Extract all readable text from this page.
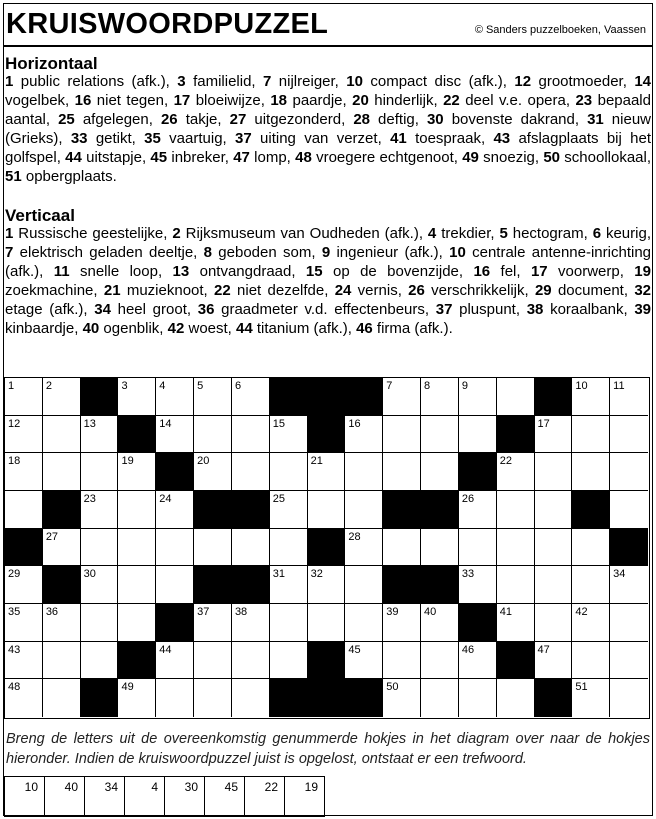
KRUISWOORDPUZZEL	© Sanders puzzelboeken, Vaassen
Horizontaal
1 public relations (afk.), 3 familielid, 7 nijlreiger, 10 compact disc (afk.), 12 grootmoeder, 14 vogelbek, 16 niet tegen, 17 bloeiwijze, 18 paardje, 20 hinderlijk, 22 deel v.e. opera, 23 bepaald aantal, 25 afgelegen, 26 takje, 27 uitgezonderd, 28 deftig, 30 bovenste dakrand, 31 nieuw (Grieks), 33 getikt, 35 vaartuig, 37 uiting van verzet, 41 toespraak, 43 afslagplaats bij het golfspel, 44 uitstapje, 45 inbreker, 47 lomp, 48 vroegere echtgenoot, 49 snoezig, 50 schoollokaal, 51 opbergplaats.
Verticaal
1 Russische geestelijke, 2 Rijksmuseum van Oudheden (afk.), 4 trekdier, 5 hectogram, 6 keurig, 7 elektrisch geladen deeltje, 8 geboden som, 9 ingenieur (afk.), 10 centrale antenne-inrichting (afk.), 11 snelle loop, 13 ontvangdraad, 15 op de bovenzijde, 16 fel, 17 voorwerp, 19 zoekmachine, 21 muzieknoot, 22 niet dezelfde, 24 vernis, 26 verschrikkelijk, 29 document, 32 etage (afk.), 34 heel groot, 36 graadmeter v.d. effectenbeurs, 37 pluspunt, 38 koraalbank, 39 kinbaardje, 40 ogenblik, 42 woest, 44 titanium (afk.), 46 firma (afk.).
1	2	3	4	5	6	7	8	9	10 11
12	13	14	15	16	17
18	19	20	21	22
23	24	25	26
27	28
29	30	31 32	33	34
35 36	37 38	39 40	41	42
43	44	45	46	47
48	49	50	51
Breng de letters uit de overeenkomstig genummerde hokjes in het diagram over naar de hokjes hieronder. Indien de kruiswoordpuzzel juist is opgelost, ontstaat er een trefwoord.
10 40 34	4 30 45 22 19
